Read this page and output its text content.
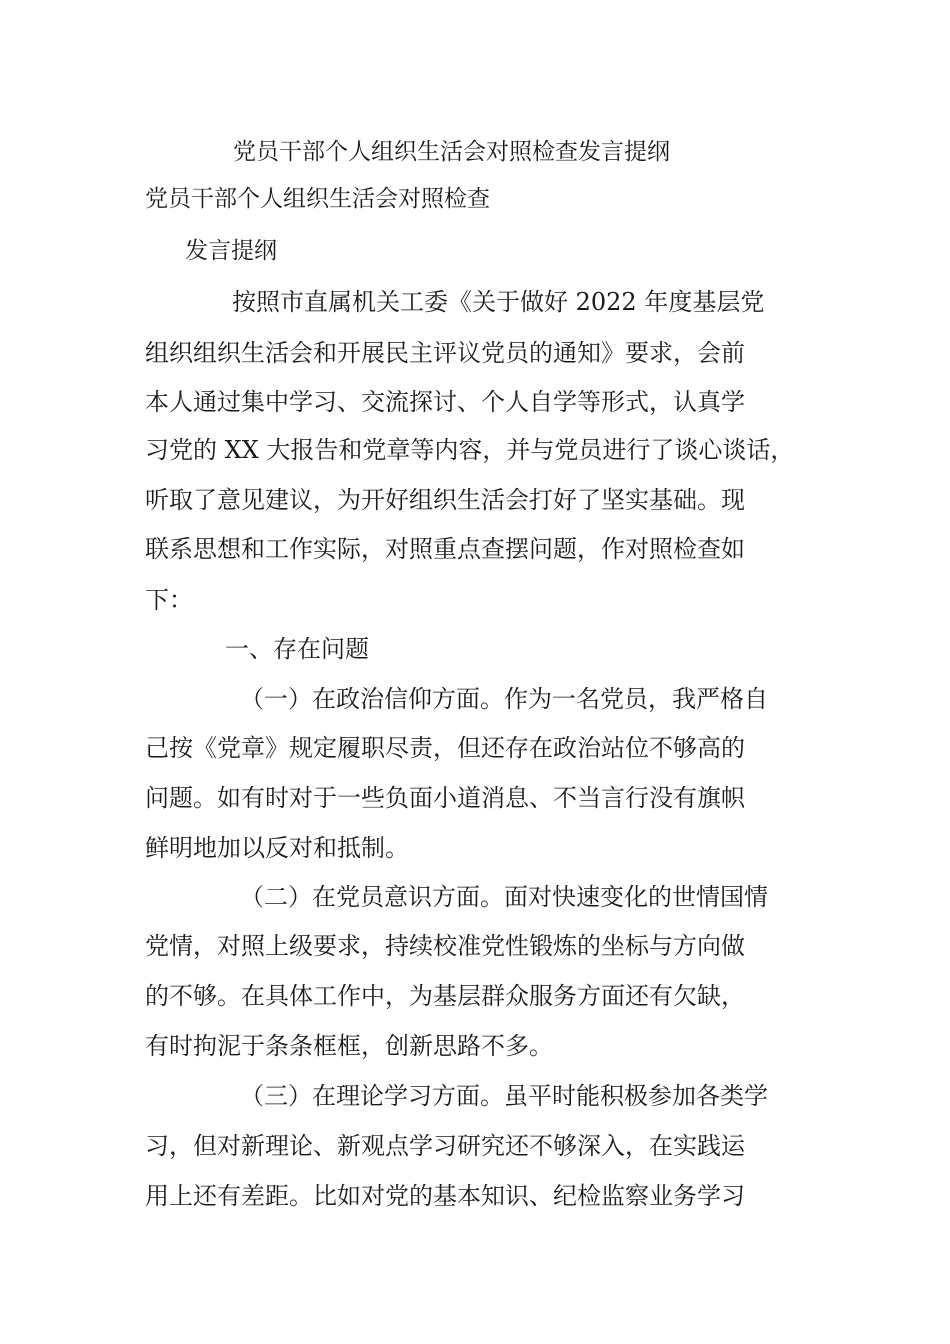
党员干部个人组织生活会对照检查发言提纲
党员干部个人组织生活会对照检查
发言提纲
按照市直属机关工委《关于做好 2022 年度基层党
组织组织生活会和开展民主评议党员的通知》要求，会前
本人通过集中学习、交流探讨、个人自学等形式，认真学
习党的 XX 大报告和党章等内容，并与党员进行了谈心谈话，
听取了意见建议，为开好组织生活会打好了坚实基础。现
联系思想和工作实际，对照重点查摆问题，作对照检查如
下：
一、存在问题
（一）在政治信仰方面。作为一名党员，我严格自
己按《党章》规定履职尽责，但还存在政治站位不够高的
问题。如有时对于一些负面小道消息、不当言行没有旗帜
鲜明地加以反对和抵制。
（二）在党员意识方面。面对快速变化的世情国情
党情，对照上级要求，持续校准党性锻炼的坐标与方向做
的不够。在具体工作中，为基层群众服务方面还有欠缺，
有时拘泥于条条框框，创新思路不多。
（三）在理论学习方面。虽平时能积极参加各类学
习，但对新理论、新观点学习研究还不够深入，在实践运
用上还有差距。比如对党的基本知识、纪检监察业务学习
